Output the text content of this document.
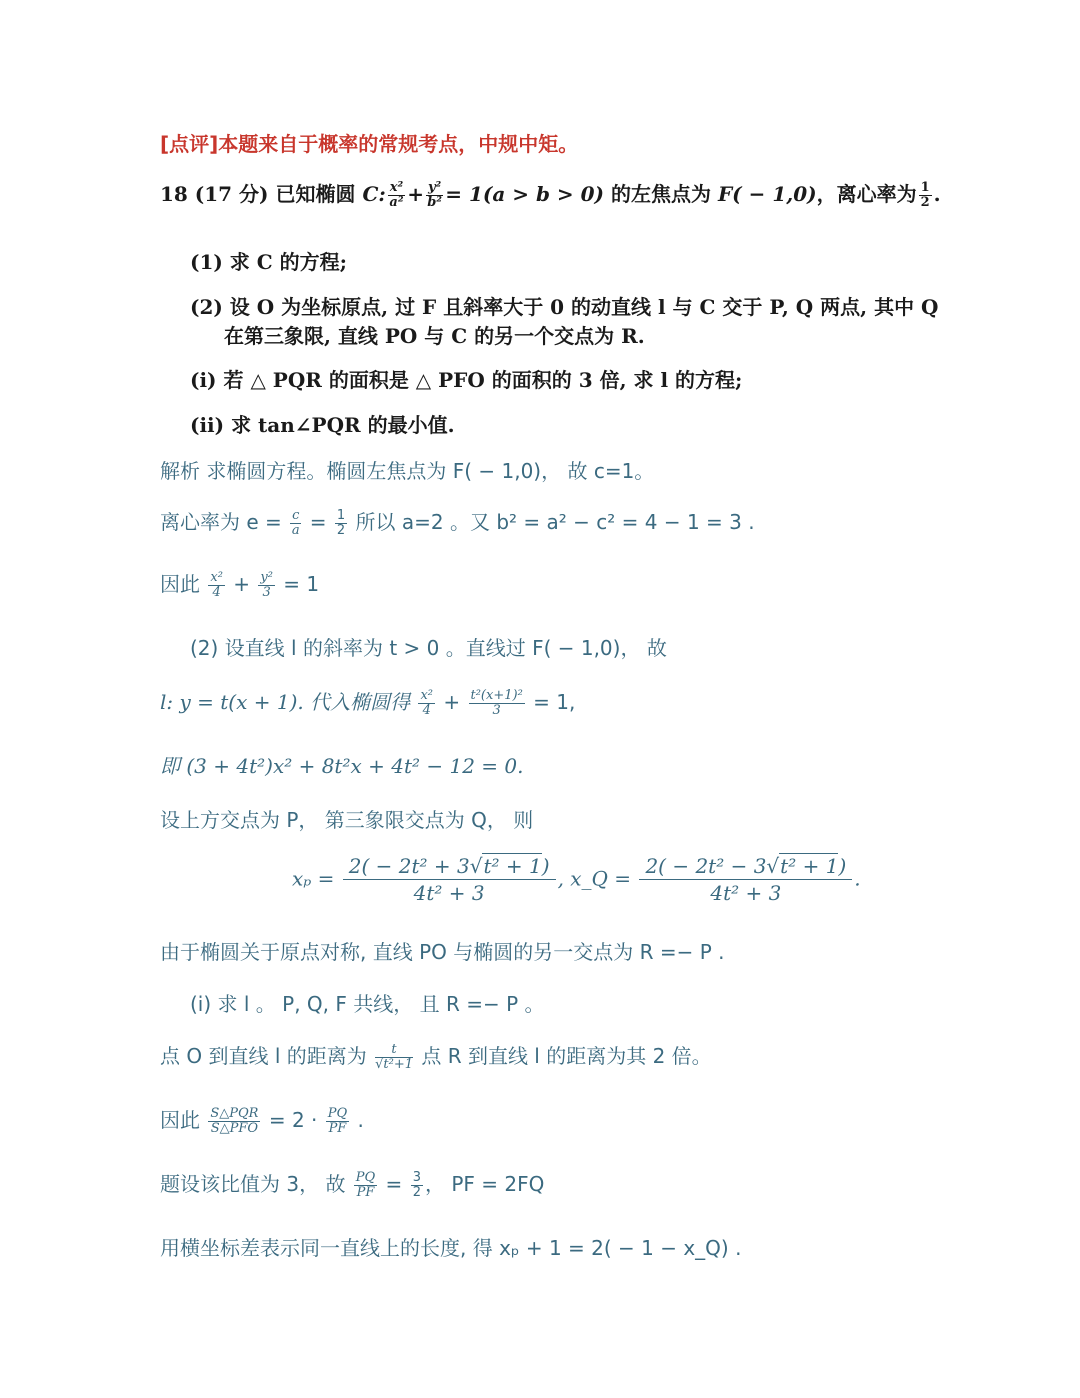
[点评]本题来自于概率的常规考点，中规中矩。
18 (17 分) 已知椭圆 C: $\frac{\text{x²}}{\text{a²}} + \frac{\text{y²}}{\text{b²}} = 1(a > b > 0)$ 的左焦点为 F( − 1,0)，离心率为 $\frac{1}{2}$ .
(1) 求 C 的方程;
(2) 设 O 为坐标原点, 过 F 且斜率大于 0 的动直线 l 与 C 交于 P, Q 两点, 其中 Q
在第三象限, 直线 PO 与 C 的另一个交点为 R.
(i) 若 △ PQR 的面积是 △ PFO 的面积的 3 倍, 求 l 的方程;
(ii) 求 tan∠PQR 的最小值.
解析 求椭圆方程。椭圆左焦点为 F( − 1,0)， 故 c=1。
离心率为 $e = \frac{c}{a} = \frac{1}{2}$ 所以 a=2 。又 b² = a² − c² = 4 − 1 = 3 .
因此 $\frac{\text{x²}}{4} + \frac{\text{y²}}{3} = 1$
(2) 设直线 l 的斜率为 t > 0 。直线过 F( − 1,0)， 故
l: y = t(x + 1). 代入椭圆得 $\frac{\text{x²}}{4} + \frac{\text{t²(x+1)²}}{3} = 1$,
即 (3 + 4t²)x² + 8t²x + 4t² − 12 = 0.
设上方交点为 P， 第三象限交点为 Q， 则
$x_p = \frac{\text{2( − 2t² + 3√t² + 1)}}{\text{4t² + 3}}$ , x_Q = $\frac{\text{2( − 2t² − 3√t² + 1)}}{\text{4t² + 3}}$ .
由于椭圆关于原点对称, 直线 PO 与椭圆的另一交点为 R =− P .
(i) 求 l 。 P, Q, F 共线， 且 R =− P 。
点 O 到直线 l 的距离为 $\frac{t}{\text{√t²+1}}$ 点 R 到直线 l 的距离为其 2 倍。
因此 $\frac{\text{S△PQR}}{\text{S△PFO}} = 2 \cdot \frac{PQ}{PF}$ .
题设该比值为 3， 故 $\frac{PQ}{PF} = \frac{3}{2}$ ， PF = 2FQ
用横坐标差表示同一直线上的长度, 得 xₚ + 1 = 2( − 1 − x_Q) .
